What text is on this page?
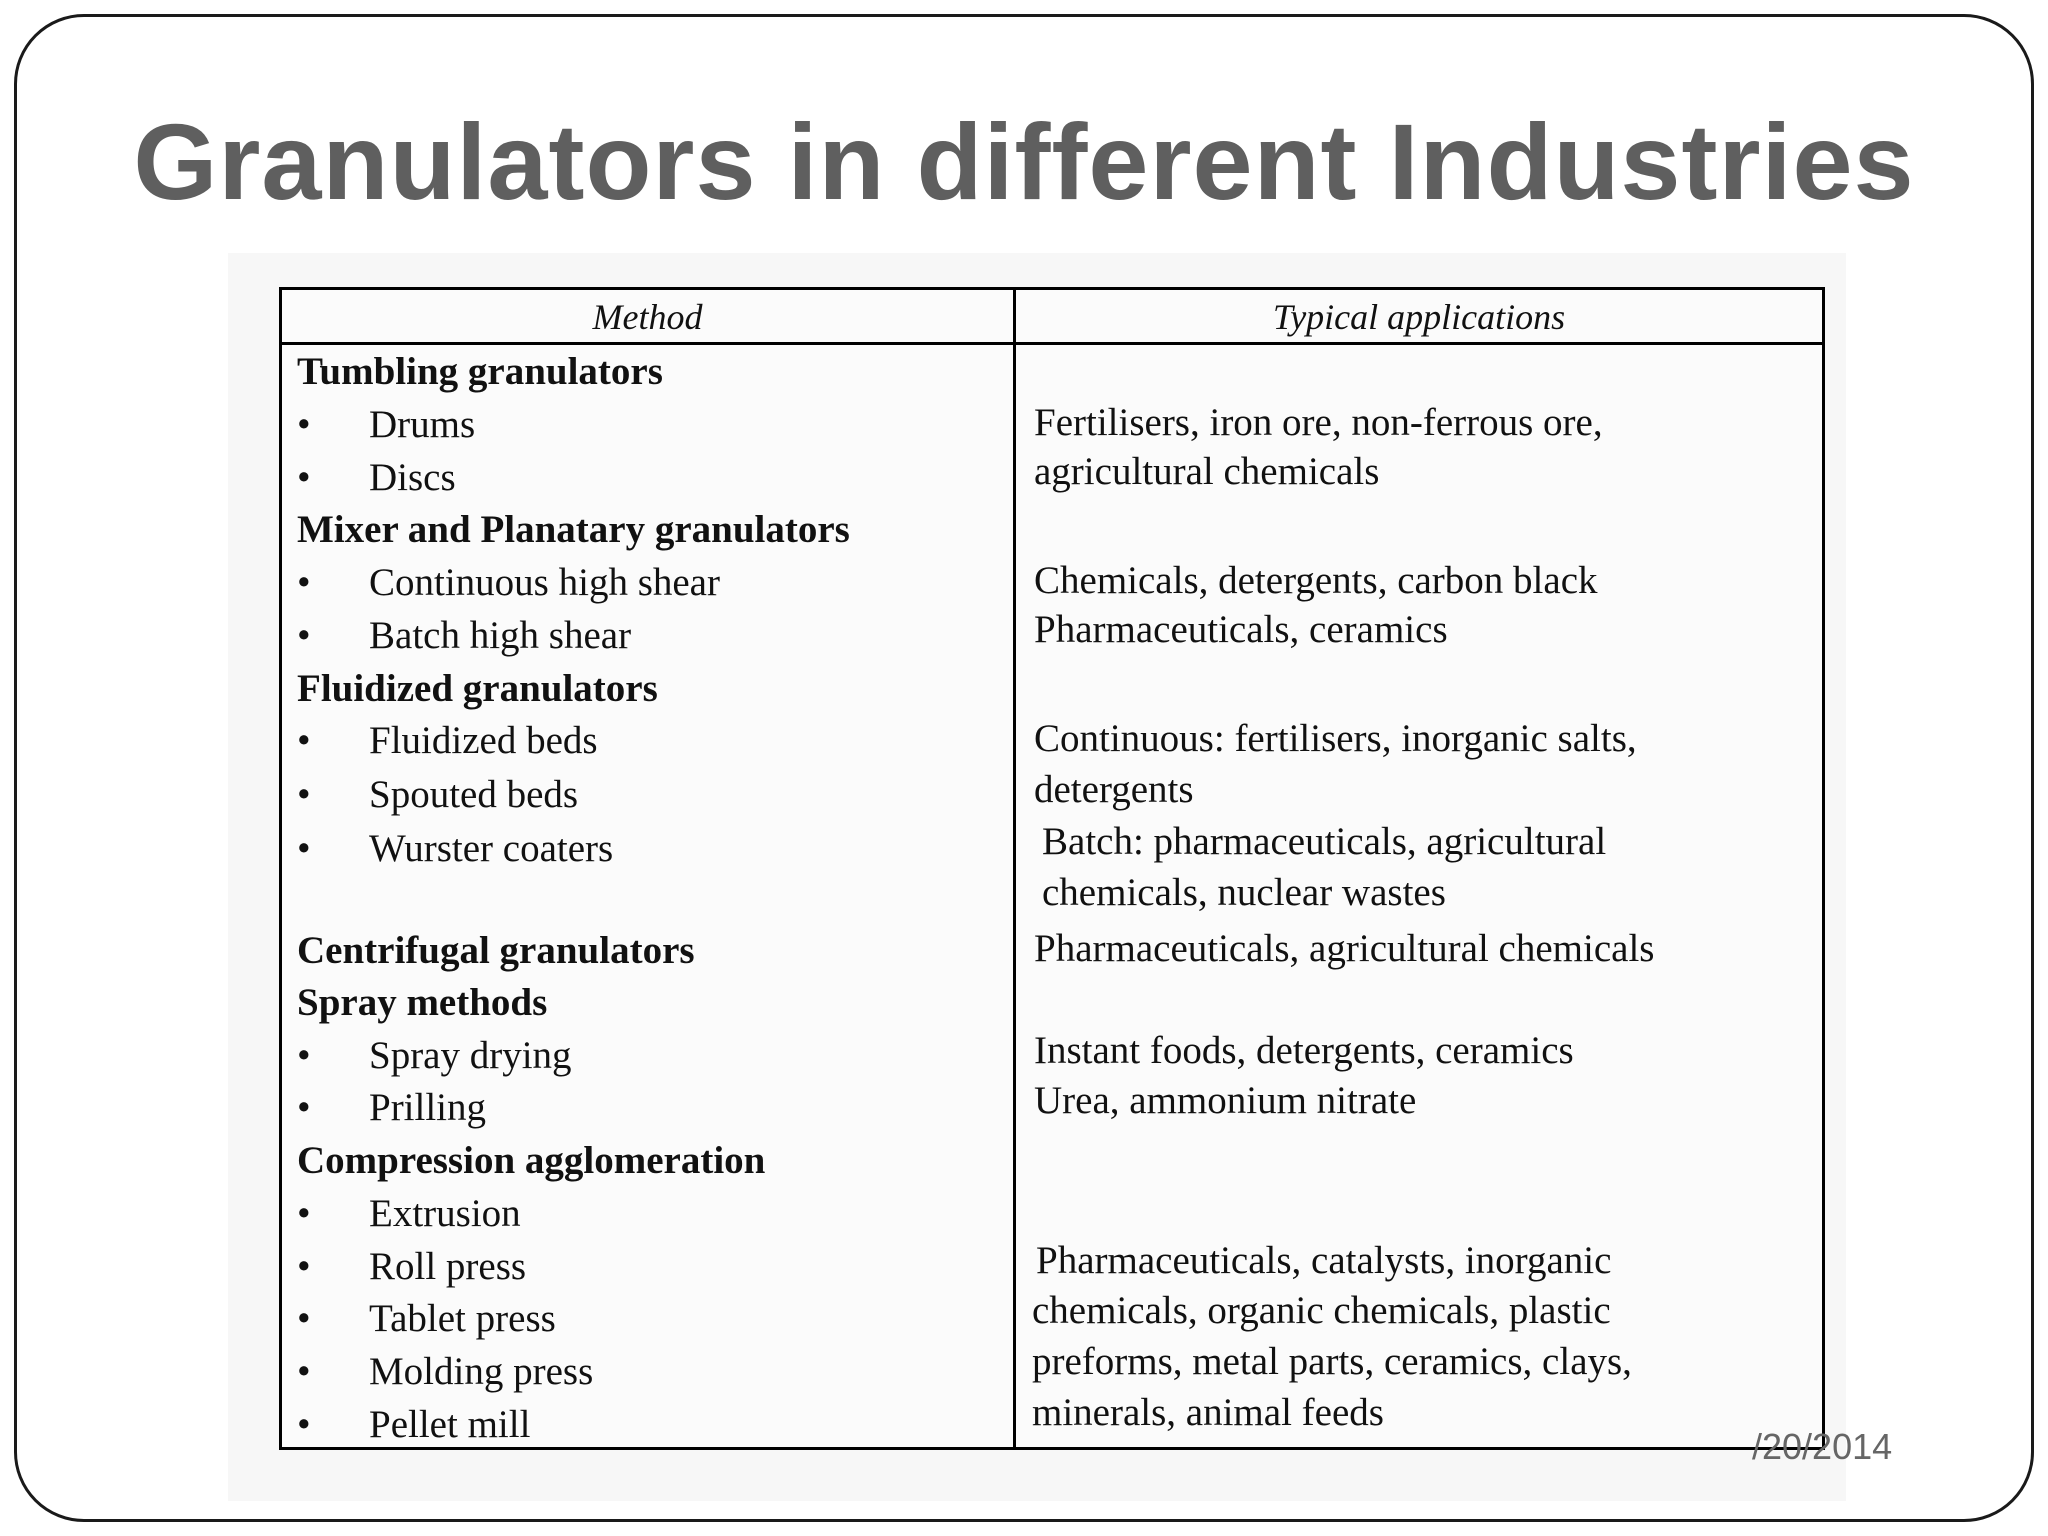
Granulators in different Industries
Method	Typical applications
Tumbling granulators
• Drums
• Discs
Mixer and Planatary granulators
• Continuous high shear
• Batch high shear
Fluidized granulators
• Fluidized beds
• Spouted beds
• Wurster coaters
Centrifugal granulators
Spray methods
• Spray drying
• Prilling
Compression agglomeration
• Extrusion
• Roll press
• Tablet press
• Molding press
• Pellet mill
Fertilisers, iron ore, non-ferrous ore,
agricultural chemicals
Chemicals, detergents, carbon black
Pharmaceuticals, ceramics
Continuous: fertilisers, inorganic salts,
detergents
Batch: pharmaceuticals, agricultural
chemicals, nuclear wastes
Pharmaceuticals, agricultural chemicals
Instant foods, detergents, ceramics
Urea, ammonium nitrate
Pharmaceuticals, catalysts, inorganic
chemicals, organic chemicals, plastic
preforms, metal parts, ceramics, clays,
minerals, animal feeds
/20/2014
